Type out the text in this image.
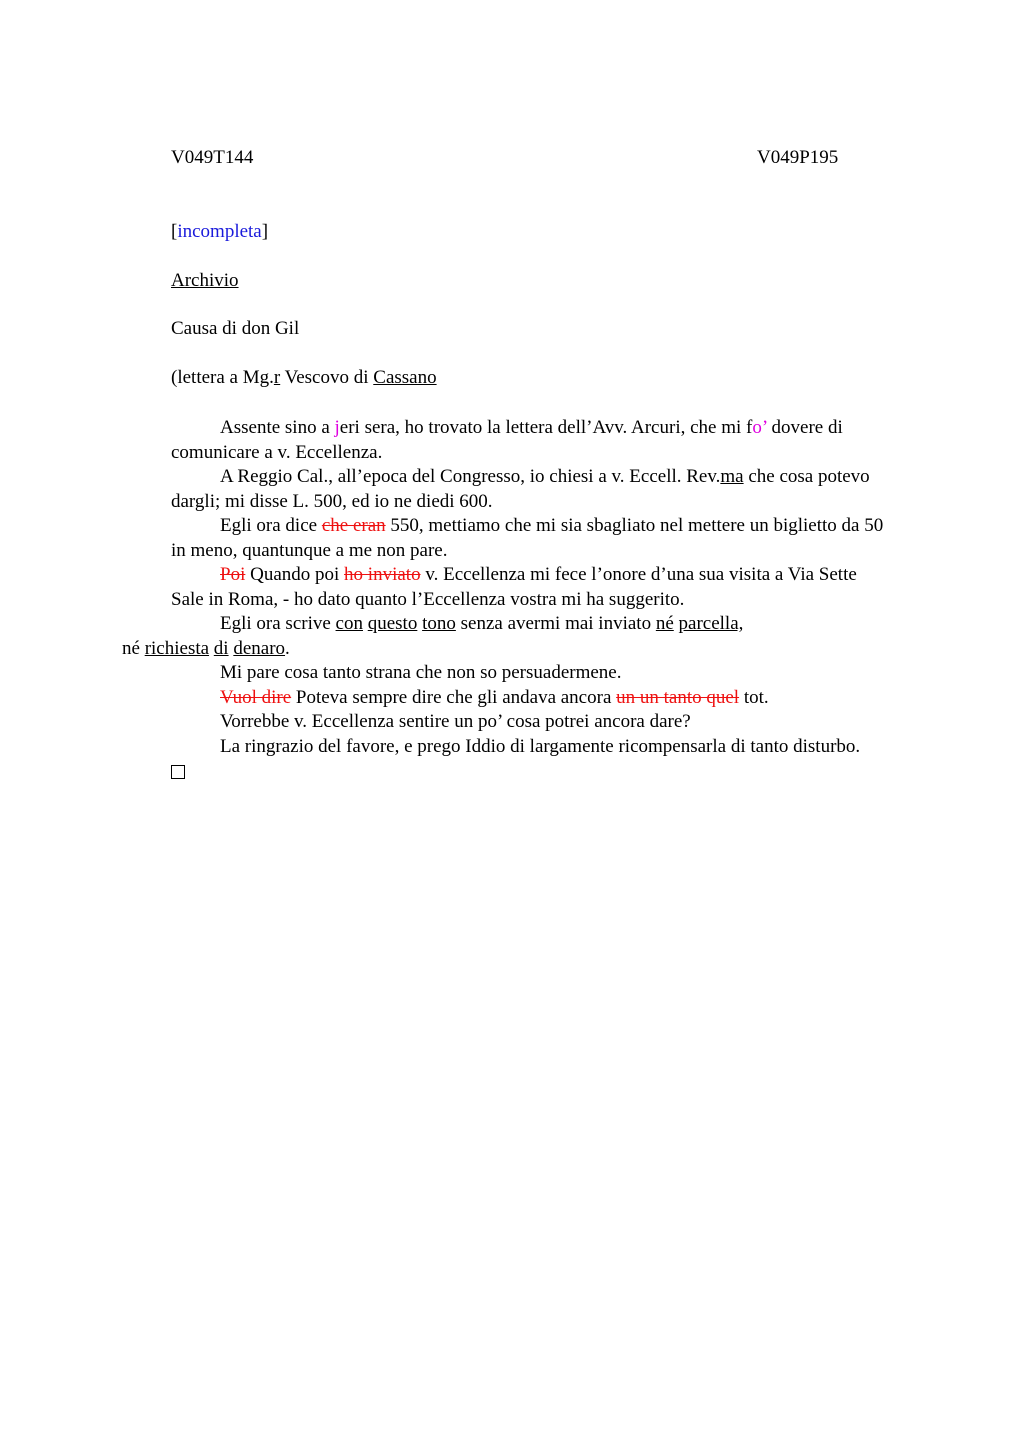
V049T144	V049P195
[incompleta]
Archivio
Causa di don Gil
(lettera a Mg.r Vescovo di Cassano

Assente sino a jeri sera, ho trovato la lettera dell’Avv. Arcuri, che mi fo’ dovere di comunicare a v. Eccellenza.

A Reggio Cal., all’epoca del Congresso, io chiesi a v. Eccell. Rev.ma che cosa potevo dargli; mi disse L. 500, ed io ne diedi 600.

Egli ora dice che eran 550, mettiamo che mi sia sbagliato nel mettere un biglietto da 50 in meno, quantunque a me non pare.

Poi Quando poi ho inviato v. Eccellenza mi fece l’onore d’una sua visita a Via Sette Sale in Roma, - ho dato quanto l’Eccellenza vostra mi ha suggerito.

Egli ora scrive con questo tono senza avermi mai inviato né parcella,
né richiesta di denaro.

Mi pare cosa tanto strana che non so persuadermene.

Vuol dire Poteva sempre dire che gli andava ancora un un tanto quel tot.

Vorrebbe v. Eccellenza sentire un po’ cosa potrei ancora dare?

La ringrazio del favore, e prego Iddio di largamente ricompensarla di tanto disturbo.
